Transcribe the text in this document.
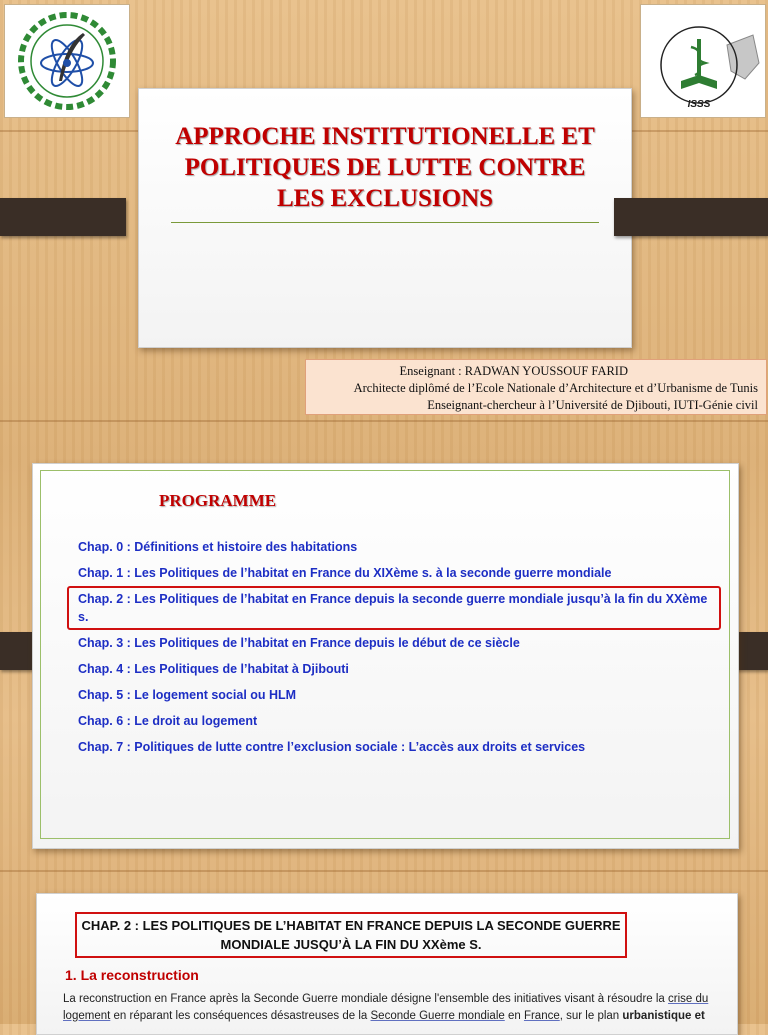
ISSS
APPROCHE INSTITUTIONELLE ET
POLITIQUES DE LUTTE CONTRE
LES EXCLUSIONS
Enseignant : RADWAN YOUSSOUF FARID
Architecte diplômé de l’Ecole Nationale d’Architecture et d’Urbanisme de Tunis
Enseignant-chercheur à l’Université de Djibouti, IUTI-Génie civil
PROGRAMME
Chap. 0 : Définitions et histoire des habitations
Chap. 1 : Les Politiques de l’habitat en France du XIXème s. à la seconde guerre mondiale
Chap. 2 : Les Politiques de l’habitat en France depuis la seconde guerre mondiale jusqu’à la fin du XXème s.
Chap. 3 : Les Politiques de l’habitat en France depuis le début de ce siècle
Chap. 4 : Les Politiques de l’habitat à Djibouti
Chap. 5 : Le logement social ou HLM
Chap. 6 : Le droit au logement
Chap. 7 : Politiques de lutte contre l’exclusion sociale : L’accès aux droits et services
CHAP. 2 : LES POLITIQUES DE L’HABITAT EN FRANCE DEPUIS LA SECONDE GUERRE
MONDIALE JUSQU’À LA FIN DU XXème S.
1. La reconstruction
La reconstruction en France après la Seconde Guerre mondiale désigne l'ensemble des initiatives visant à résoudre la crise du logement en réparant les conséquences désastreuses de la Seconde Guerre mondiale en France, sur le plan urbanistique et
